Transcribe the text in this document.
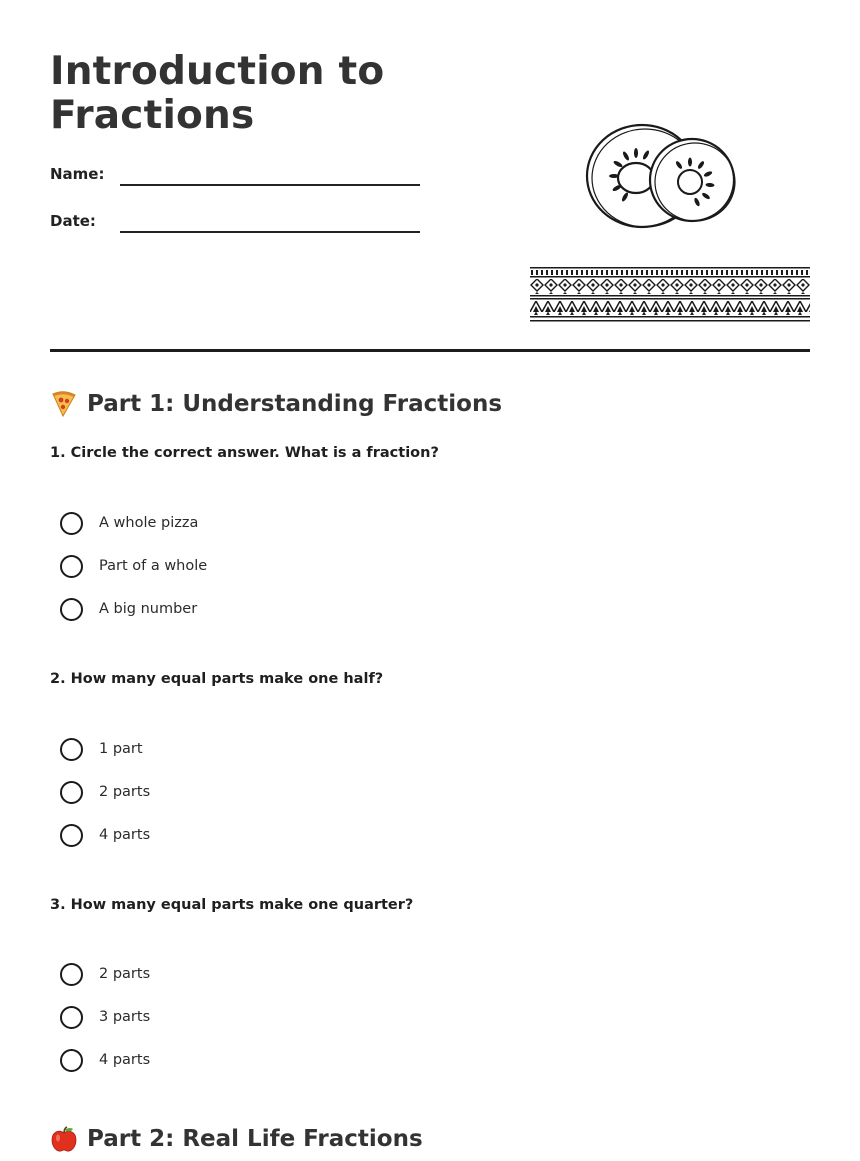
Introduction to Fractions
Name:
Date:
Part 1: Understanding Fractions
1. Circle the correct answer. What is a fraction?
A whole pizza
Part of a whole
A big number
2. How many equal parts make one half?
1 part
2 parts
4 parts
3. How many equal parts make one quarter?
2 parts
3 parts
4 parts
Part 2: Real Life Fractions
